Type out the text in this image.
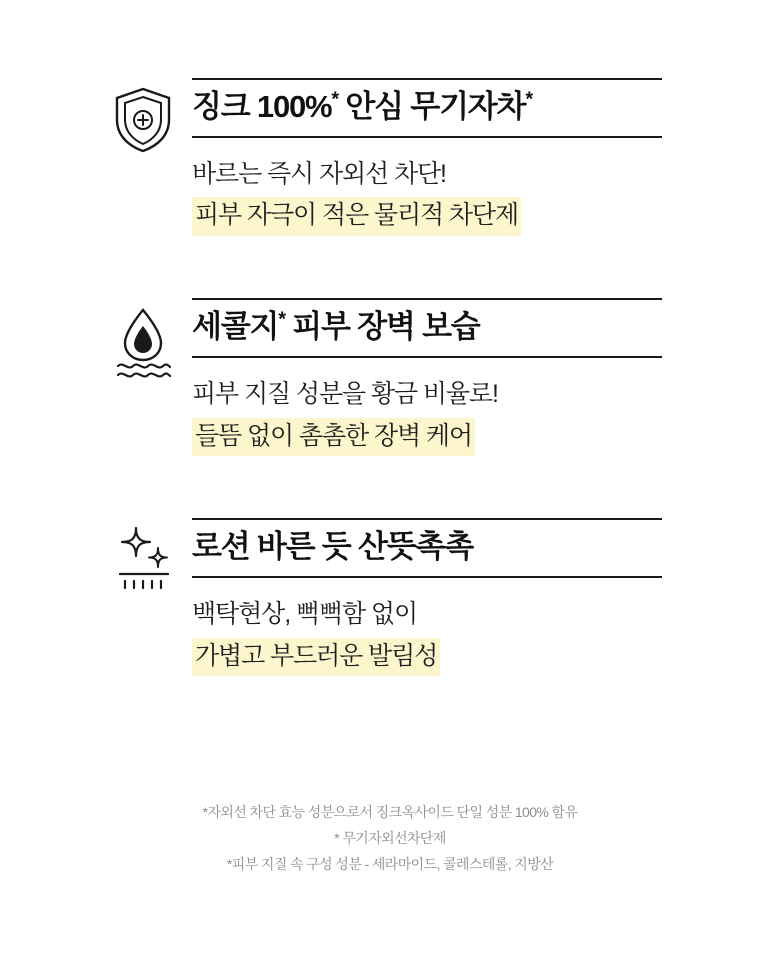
징크 100%* 안심 무기자차*
바르는 즉시 자외선 차단!
피부 자극이 적은 물리적 차단제
세콜지* 피부 장벽 보습
피부 지질 성분을 황금 비율로!
들뜸 없이 촘촘한 장벽 케어
로션 바른 듯 산뜻촉촉
백탁현상, 뻑뻑함 없이
가볍고 부드러운 발림성
*자외선 차단 효능 성분으로서 징크옥사이드 단일 성분 100% 함유
* 무기자외선차단제
*피부 지질 속 구성 성분 - 세라마이드, 콜레스테롤, 지방산
